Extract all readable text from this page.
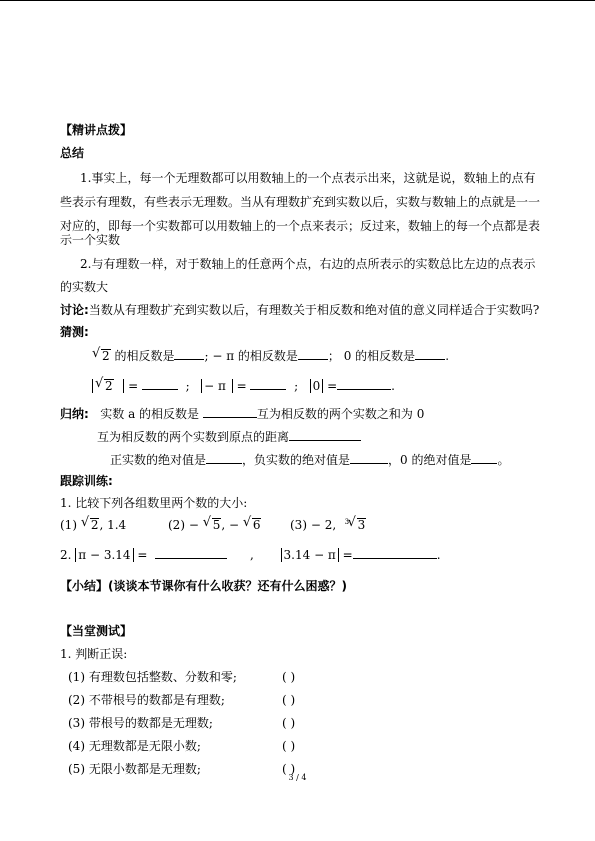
【精讲点拨】
总结
1.事实上，每一个无理数都可以用数轴上的一个点表示出来，这就是说，数轴上的点有
些表示有理数，有些表示无理数。当从有理数扩充到实数以后，实数与数轴上的点就是一一
对应的，即每一个实数都可以用数轴上的一个点来表示；反过来，数轴上的每一个点都是表
示一个实数
2.与有理数一样，对于数轴上的任意两个点，右边的点所表示的实数总比左边的点表示
的实数大
讨论:当数从有理数扩充到实数以后，有理数关于相反数和绝对值的意义同样适合于实数吗?
猜测:
√ 2 的相反数是	; − π 的相反数是	； 0 的相反数是	.
√ 2 =	; − π =	; 0 =	.
归纳: 实数 a 的相反数是	互为相反数的两个实数之和为 0
互为相反数的两个实数到原点的距离
正实数的绝对值是	，负实数的绝对值是	，0 的绝对值是 。
跟踪训练:
1. 比较下列各组数里两个数的大小:
(1) √ 2, 1.4	(2) − √ 5, − √ 6 (3) − 2, 3 √ 3
2. π − 3.14 =	, 3.14 − π =	.
【小结】(谈谈本节课你有什么收获？还有什么困惑？)
【当堂测试】
1. 判断正误:
(1) 有理数包括整数、分数和零;	( )
(2) 不带根号的数都是有理数;	( )
(3) 带根号的数都是无理数;	( )
(4) 无理数都是无限小数;	( )
(5) 无限小数都是无理数;	( )
3 / 4
